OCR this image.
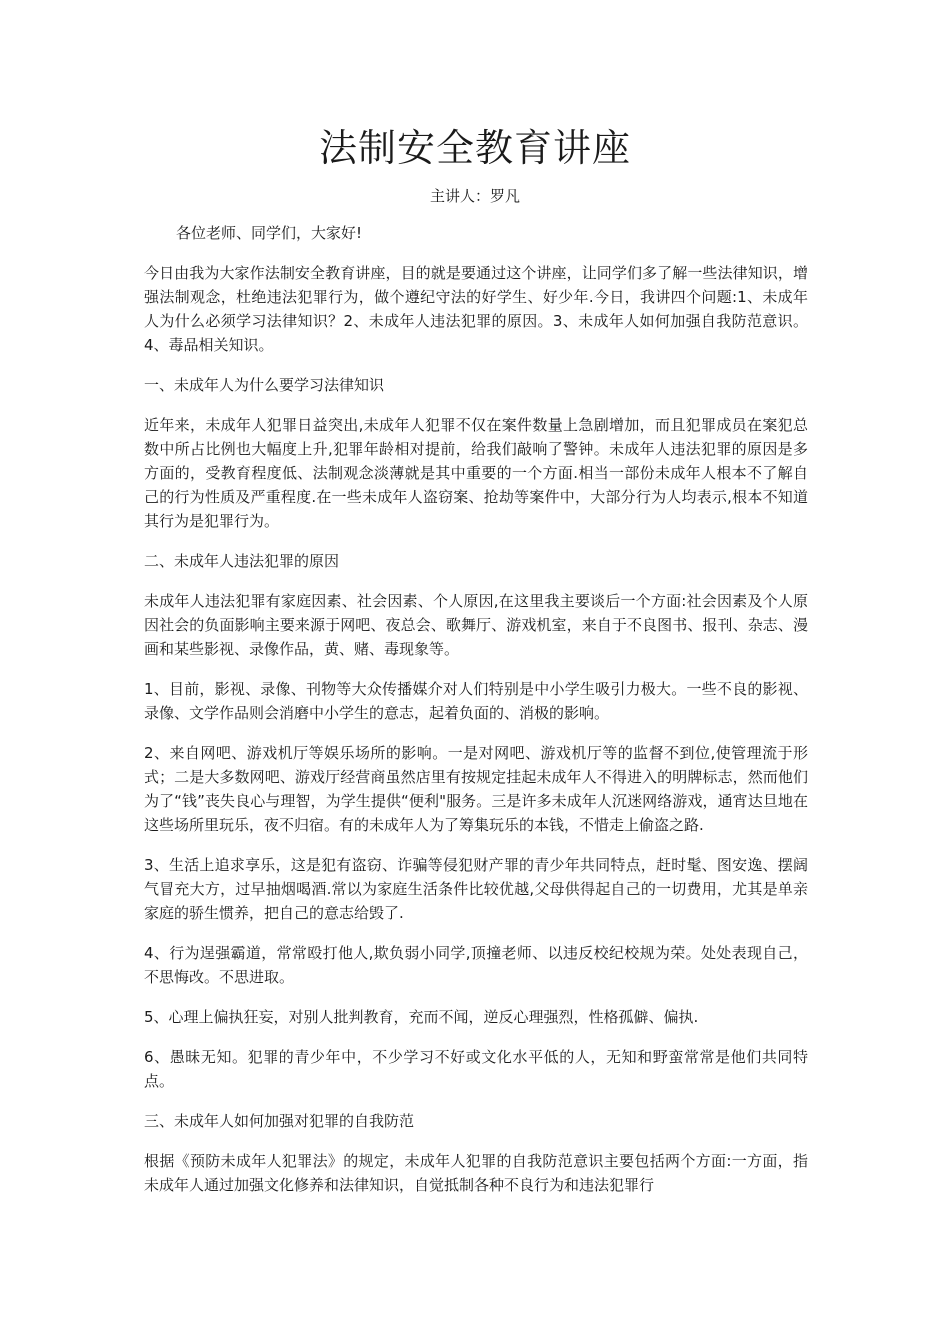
法制安全教育讲座
主讲人：罗凡

各位老师、同学们，大家好!

今日由我为大家作法制安全教育讲座，目的就是要通过这个讲座，让同学们多了解一些法律知识，增强法制观念，杜绝违法犯罪行为，做个遵纪守法的好学生、好少年.今日，我讲四个问题:1、未成年人为什么必须学习法律知识？2、未成年人违法犯罪的原因。3、未成年人如何加强自我防范意识。4、毒品相关知识。

一、未成年人为什么要学习法律知识

近年来，未成年人犯罪日益突出,未成年人犯罪不仅在案件数量上急剧增加，而且犯罪成员在案犯总数中所占比例也大幅度上升,犯罪年龄相对提前，给我们敲响了警钟。未成年人违法犯罪的原因是多方面的，受教育程度低、法制观念淡薄就是其中重要的一个方面.相当一部份未成年人根本不了解自己的行为性质及严重程度.在一些未成年人盗窃案、抢劫等案件中，大部分行为人均表示,根本不知道其行为是犯罪行为。

二、未成年人违法犯罪的原因

未成年人违法犯罪有家庭因素、社会因素、个人原因,在这里我主要谈后一个方面:社会因素及个人原因社会的负面影响主要来源于网吧、夜总会、歌舞厅、游戏机室，来自于不良图书、报刊、杂志、漫画和某些影视、录像作品，黄、赌、毒现象等。

1、目前，影视、录像、刊物等大众传播媒介对人们特别是中小学生吸引力极大。一些不良的影视、录像、文学作品则会消磨中小学生的意志，起着负面的、消极的影响。

2、来自网吧、游戏机厅等娱乐场所的影响。一是对网吧、游戏机厅等的监督不到位,使管理流于形式；二是大多数网吧、游戏厅经营商虽然店里有按规定挂起未成年人不得进入的明牌标志，然而他们为了“钱”丧失良心与理智，为学生提供“便利"服务。三是许多未成年人沉迷网络游戏，通宵达旦地在这些场所里玩乐，夜不归宿。有的未成年人为了筹集玩乐的本钱，不惜走上偷盗之路.

3、生活上追求享乐，这是犯有盗窃、诈骗等侵犯财产罪的青少年共同特点，赶时髦、图安逸、摆阔气冒充大方，过早抽烟喝酒.常以为家庭生活条件比较优越,父母供得起自己的一切费用，尤其是单亲家庭的骄生惯养，把自己的意志给毁了.

4、行为逞强霸道，常常殴打他人,欺负弱小同学,顶撞老师、以违反校纪校规为荣。处处表现自己，不思悔改。不思进取。

5、心理上偏执狂妄，对别人批判教育，充而不闻，逆反心理强烈，性格孤僻、偏执.

6、愚昧无知。犯罪的青少年中，不少学习不好或文化水平低的人，无知和野蛮常常是他们共同特点。

三、未成年人如何加强对犯罪的自我防范

根据《预防未成年人犯罪法》的规定，未成年人犯罪的自我防范意识主要包括两个方面:一方面，指未成年人通过加强文化修养和法律知识，自觉抵制各种不良行为和违法犯罪行
